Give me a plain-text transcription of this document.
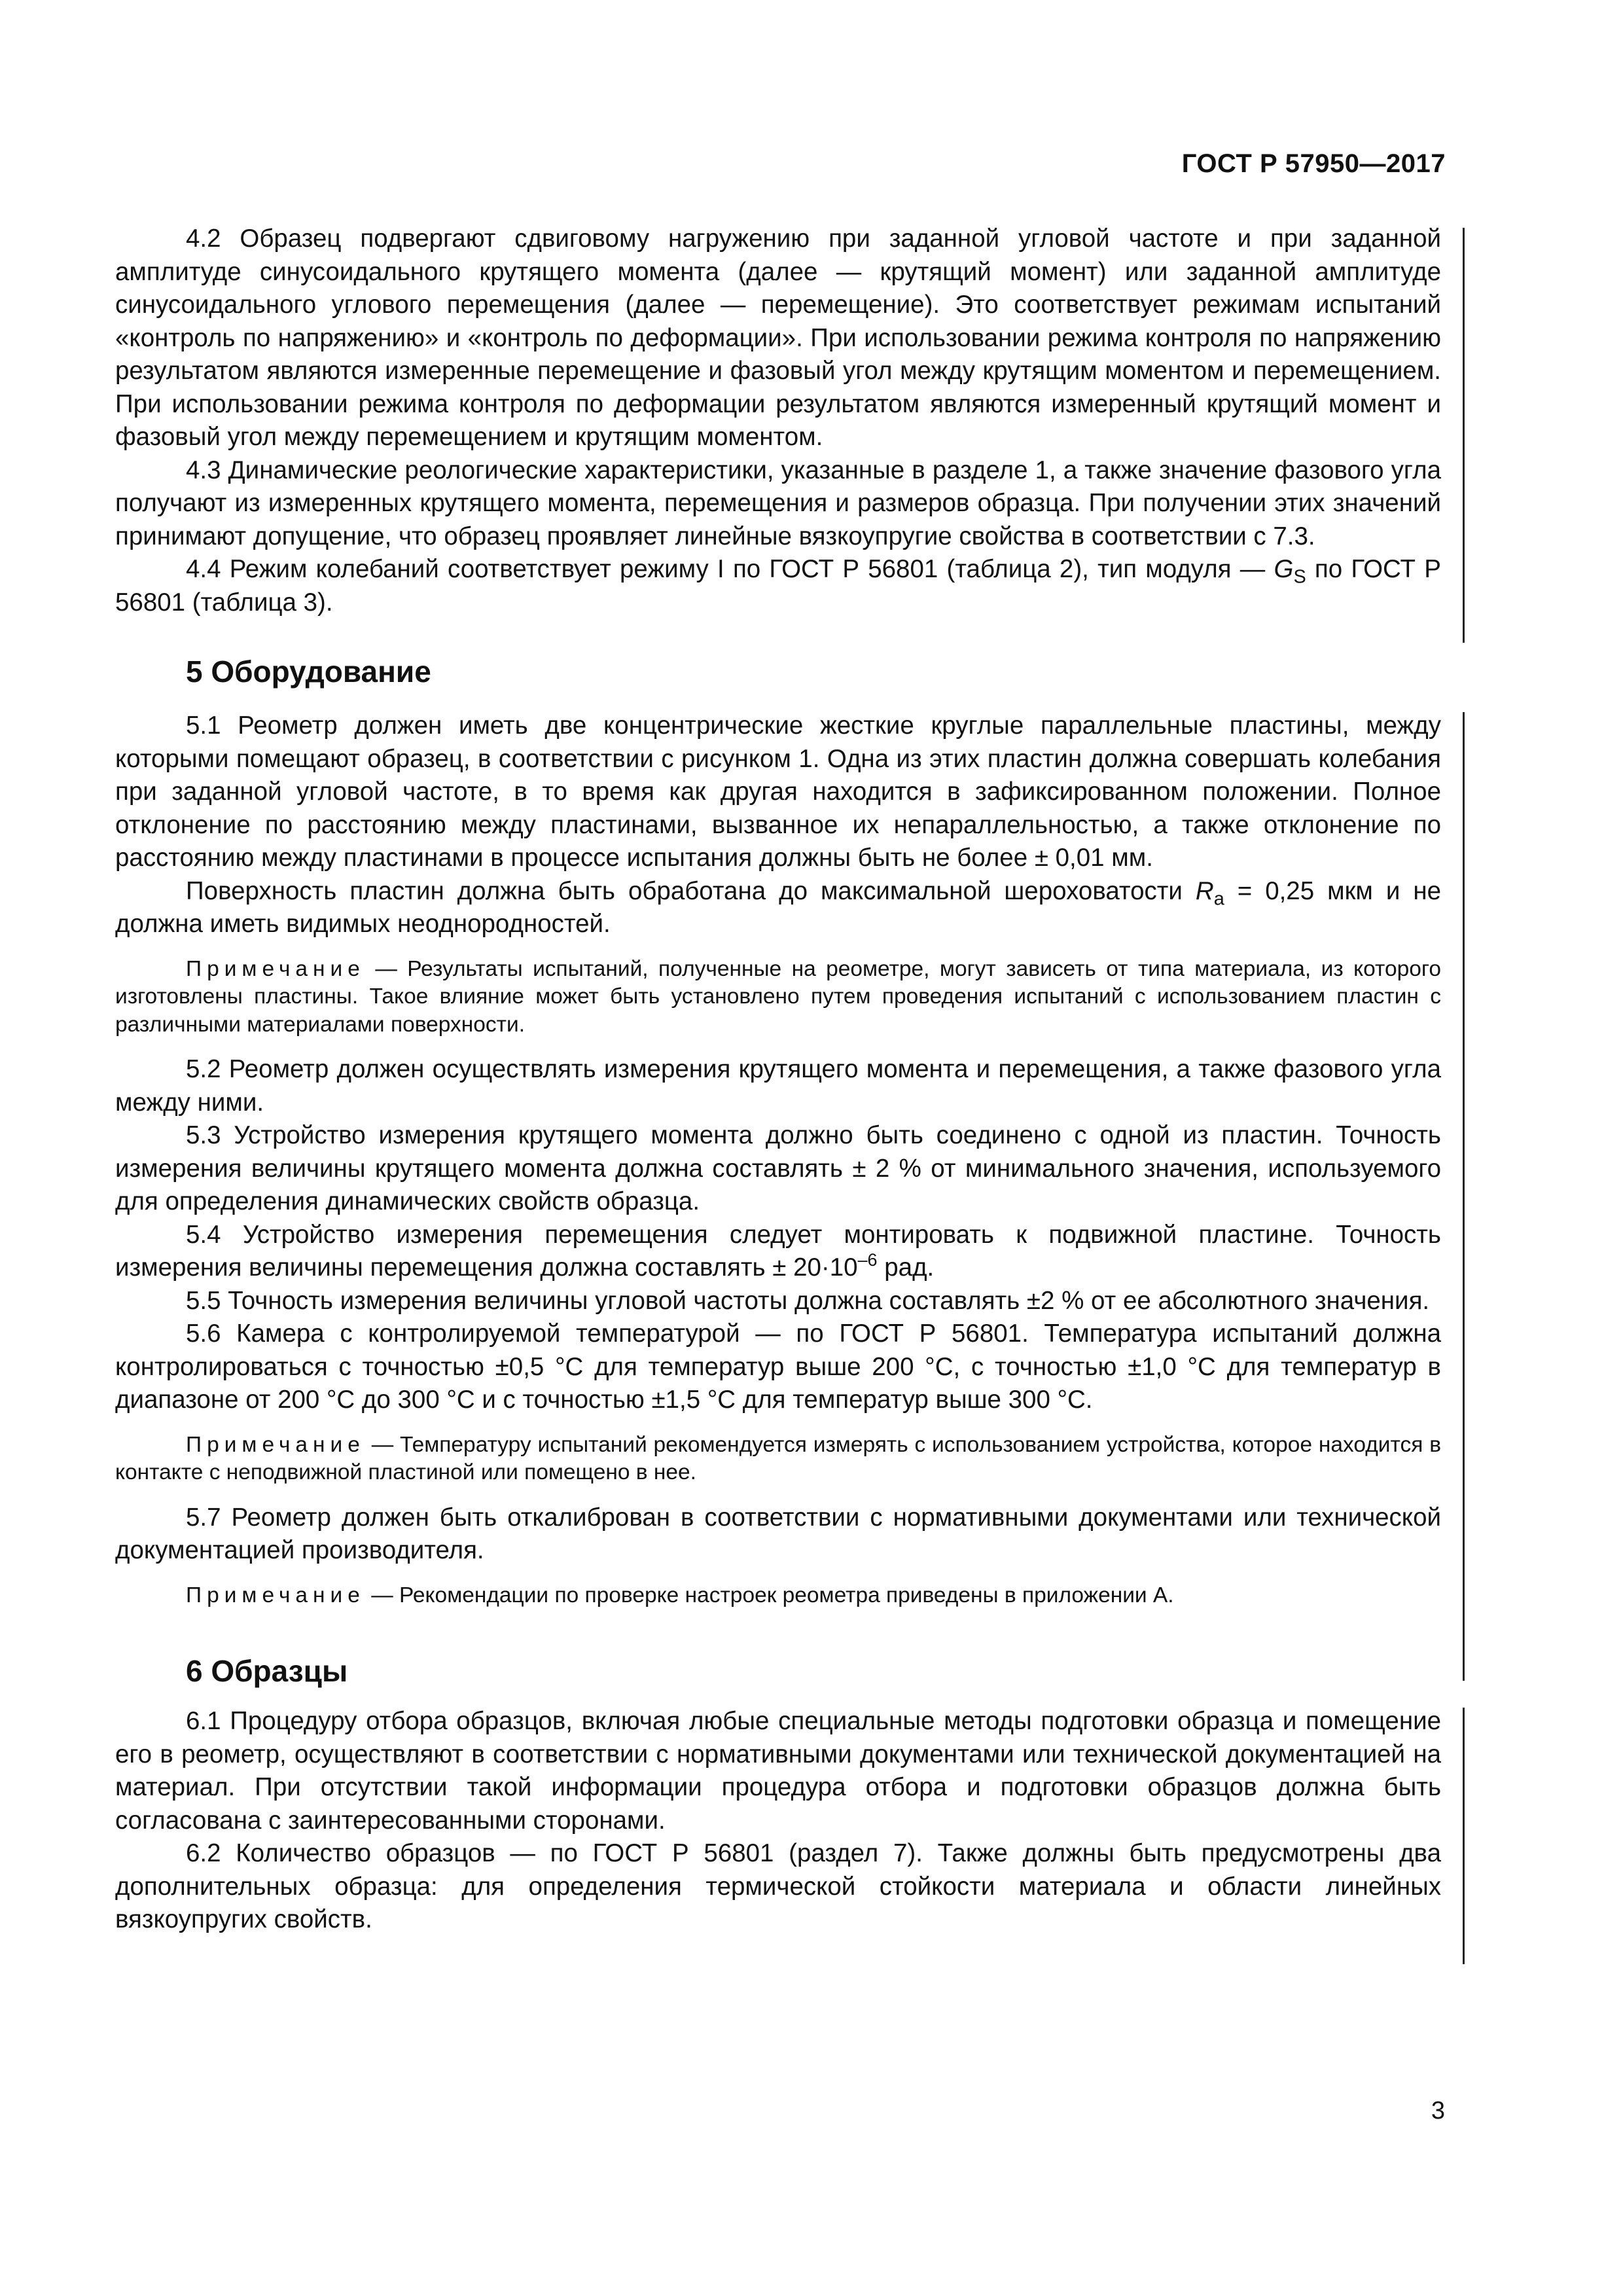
ГОСТ Р 57950—2017

4.2 Образец подвергают сдвиговому нагружению при заданной угловой частоте и при заданной амплитуде синусоидального крутящего момента (далее — крутящий момент) или заданной амплитуде синусоидального углового перемещения (далее — перемещение). Это соответствует режимам испытаний «контроль по напряжению» и «контроль по деформации». При использовании режима контроля по напряжению результатом являются измеренные перемещение и фазовый угол между крутящим моментом и перемещением. При использовании режима контроля по деформации результатом являются измеренный крутящий момент и фазовый угол между перемещением и крутящим моментом.

4.3 Динамические реологические характеристики, указанные в разделе 1, а также значение фазового угла получают из измеренных крутящего момента, перемещения и размеров образца. При получении этих значений принимают допущение, что образец проявляет линейные вязкоупругие свойства в соответствии с 7.3.

4.4 Режим колебаний соответствует режиму I по ГОСТ Р 56801 (таблица 2), тип модуля — $G_S$ по ГОСТ Р 56801 (таблица 3).

5 Оборудование

5.1 Реометр должен иметь две концентрические жесткие круглые параллельные пластины, между которыми помещают образец, в соответствии с рисунком 1. Одна из этих пластин должна совершать колебания при заданной угловой частоте, в то время как другая находится в зафиксированном положении. Полное отклонение по расстоянию между пластинами, вызванное их непараллельностью, а также отклонение по расстоянию между пластинами в процессе испытания должны быть не более ± 0,01 мм.

Поверхность пластин должна быть обработана до максимальной шероховатости $R_a = 0,25$ мкм и не должна иметь видимых неоднородностей.

Примечание — Результаты испытаний, полученные на реометре, могут зависеть от типа материала, из которого изготовлены пластины. Такое влияние может быть установлено путем проведения испытаний с использованием пластин с различными материалами поверхности.

5.2 Реометр должен осуществлять измерения крутящего момента и перемещения, а также фазового угла между ними.

5.3 Устройство измерения крутящего момента должно быть соединено с одной из пластин. Точность измерения величины крутящего момента должна составлять ± 2 % от минимального значения, используемого для определения динамических свойств образца.

5.4 Устройство измерения перемещения следует монтировать к подвижной пластине. Точность измерения величины перемещения должна составлять ± $20\cdot 10^{-6}$ рад.

5.5 Точность измерения величины угловой частоты должна составлять ±2 % от ее абсолютного значения.

5.6 Камера с контролируемой температурой — по ГОСТ Р 56801. Температура испытаний должна контролироваться с точностью ±0,5 °С для температур выше 200 °С, с точностью ±1,0 °С для температур в диапазоне от 200 °С до 300 °С и с точностью ±1,5 °С для температур выше 300 °С.

Примечание — Температуру испытаний рекомендуется измерять с использованием устройства, которое находится в контакте с неподвижной пластиной или помещено в нее.

5.7 Реометр должен быть откалиброван в соответствии с нормативными документами или технической документацией производителя.

Примечание — Рекомендации по проверке настроек реометра приведены в приложении А.

6 Образцы

6.1 Процедуру отбора образцов, включая любые специальные методы подготовки образца и помещение его в реометр, осуществляют в соответствии с нормативными документами или технической документацией на материал. При отсутствии такой информации процедура отбора и подготовки образцов должна быть согласована с заинтересованными сторонами.

6.2 Количество образцов — по ГОСТ Р 56801 (раздел 7). Также должны быть предусмотрены два дополнительных образца: для определения термической стойкости материала и области линейных вязкоупругих свойств.

3
